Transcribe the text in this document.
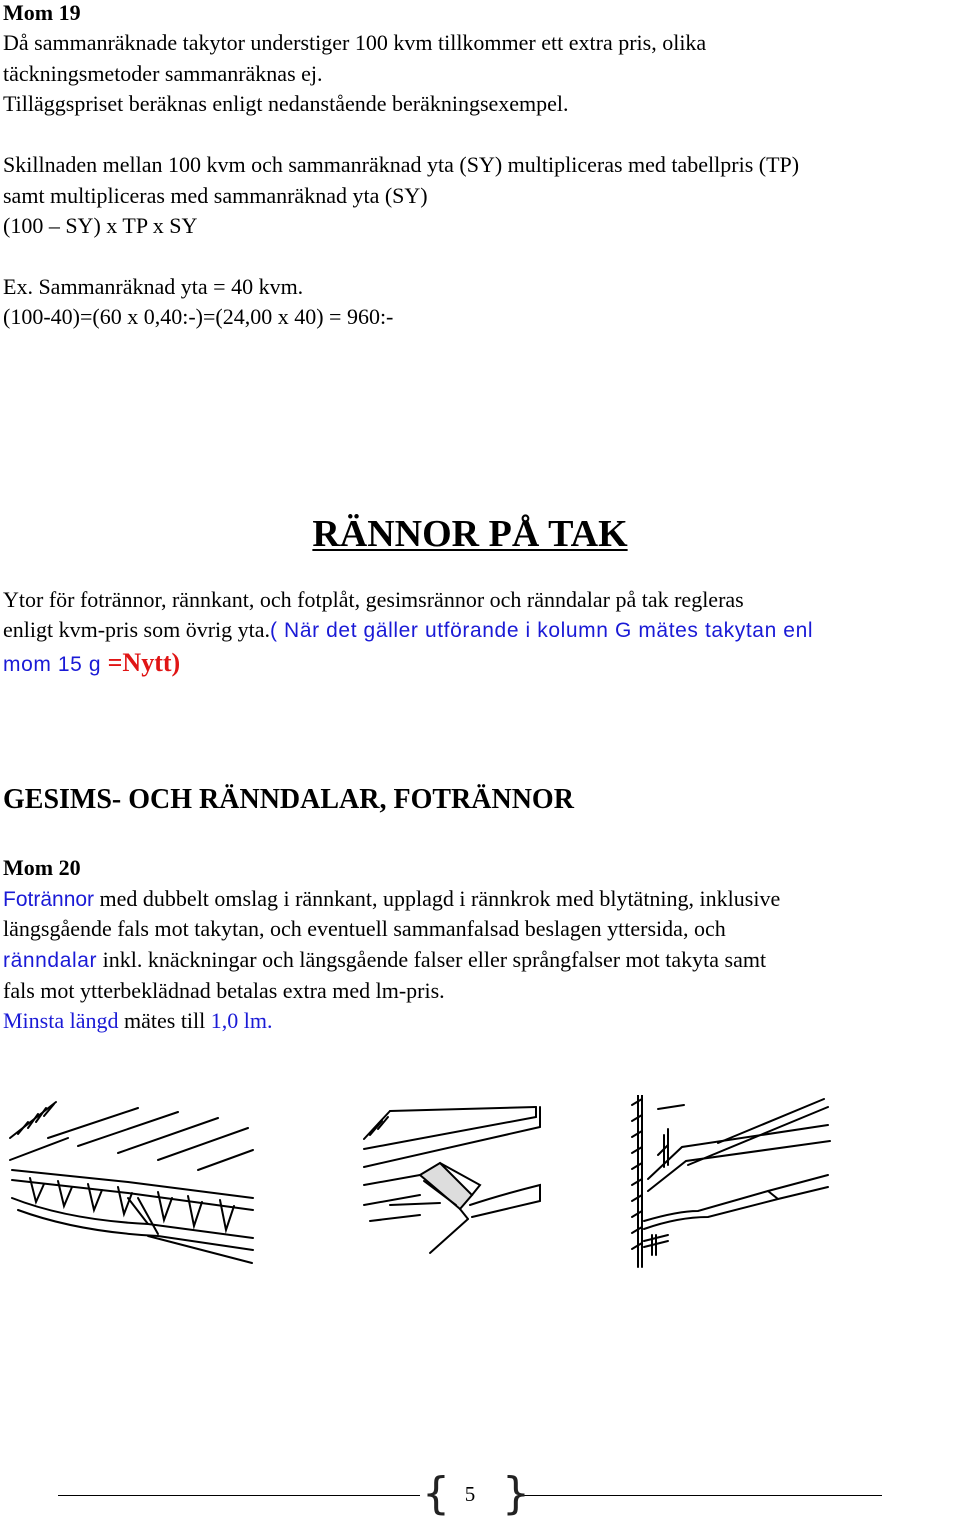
Mom 19
Då sammanräknade takytor understiger 100 kvm tillkommer ett extra pris, olika
täckningsmetoder sammanräknas ej.
Tilläggspriset beräknas enligt nedanstående beräkningsexempel.
Skillnaden mellan 100 kvm och sammanräknad yta (SY) multipliceras med tabellpris (TP)
samt multipliceras med sammanräknad yta (SY)
(100 – SY) x TP x SY
Ex. Sammanräknad yta = 40 kvm.
(100-40)=(60 x 0,40:-)=(24,00 x 40) = 960:-
RÄNNOR PÅ TAK
Ytor för fotrännor, rännkant, och fotplåt, gesimsrännor och ränndalar på tak regleras
enligt kvm-pris som övrig yta.( När det gäller utförande i kolumn G mätes takytan enl
mom 15 g =Nytt)
GESIMS- OCH RÄNNDALAR, FOTRÄNNOR
Mom 20
Fotrännor med dubbelt omslag i rännkant, upplagd i rännkrok med blytätning, inklusive
längsgående fals mot takytan, och eventuell sammanfalsad beslagen yttersida, och
ränndalar inkl. knäckningar och längsgående falser eller språngfalser mot takyta samt
fals mot ytterbeklädnad betalas extra med lm-pris.
Minsta längd mätes till 1,0 lm.
{ }
5
